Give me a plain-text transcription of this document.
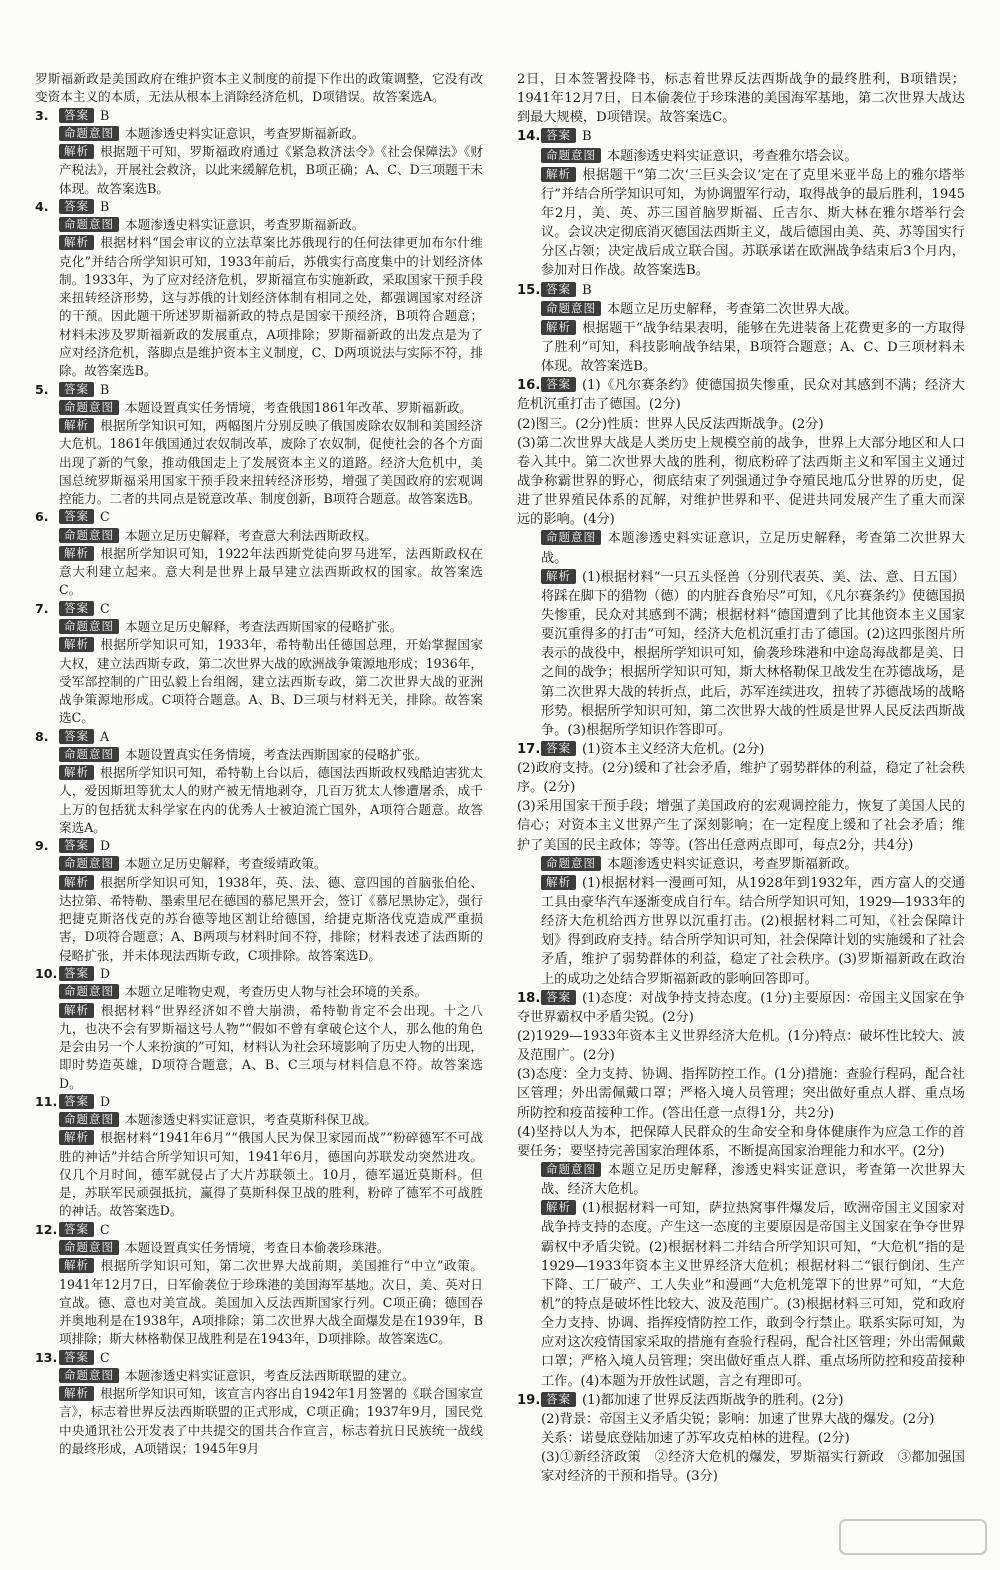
罗斯福新政是美国政府在维护资本主义制度的前提下作出的政策调整，它没有改变资本主义的本质，无法从根本上消除经济危机，D项错误。故答案选A。

3. 答案 B

命题意图 本题渗透史料实证意识，考查罗斯福新政。

解析 根据题干可知，罗斯福政府通过《紧急救济法令》《社会保障法》《财产税法》，开展社会救济，以此来缓解危机，B项正确；A、C、D三项题干未体现。故答案选B。

4. 答案 B

命题意图 本题渗透史料实证意识，考查罗斯福新政。

解析 根据材料“国会审议的立法草案比苏俄现行的任何法律更加布尔什维克化”并结合所学知识可知，1933年前后，苏俄实行高度集中的计划经济体制。1933年，为了应对经济危机，罗斯福宣布实施新政，采取国家干预手段来扭转经济形势，这与苏俄的计划经济体制有相同之处，都强调国家对经济的干预。因此题干所述罗斯福新政的特点是国家干预经济，B项符合题意；材料未涉及罗斯福新政的发展重点，A项排除；罗斯福新政的出发点是为了应对经济危机，落脚点是维护资本主义制度，C、D两项说法与实际不符，排除。故答案选B。

5. 答案 B

命题意图 本题设置真实任务情境，考查俄国1861年改革、罗斯福新政。

解析 根据所学知识可知，两幅图片分别反映了俄国废除农奴制和美国经济大危机。1861年俄国通过农奴制改革，废除了农奴制，促使社会的各个方面出现了新的气象，推动俄国走上了发展资本主义的道路。经济大危机中，美国总统罗斯福采用国家干预手段来扭转经济形势，增强了美国政府的宏观调控能力。二者的共同点是锐意改革、制度创新，B项符合题意。故答案选B。

6. 答案 C

命题意图 本题立足历史解释，考查意大利法西斯政权。

解析 根据所学知识可知，1922年法西斯党徒向罗马进军，法西斯政权在意大利建立起来。意大利是世界上最早建立法西斯政权的国家。故答案选C。

7. 答案 C

命题意图 本题立足历史解释，考查法西斯国家的侵略扩张。

解析 根据所学知识可知，1933年，希特勒出任德国总理，开始掌握国家大权，建立法西斯专政，第二次世界大战的欧洲战争策源地形成；1936年，受军部控制的广田弘毅上台组阁，建立法西斯专政，第二次世界大战的亚洲战争策源地形成。C项符合题意。A、B、D三项与材料无关，排除。故答案选C。

8. 答案 A

命题意图 本题设置真实任务情境，考查法西斯国家的侵略扩张。

解析 根据所学知识可知，希特勒上台以后，德国法西斯政权残酷迫害犹太人，爱因斯坦等犹太人的财产被无情地剥夺，几百万犹太人惨遭屠杀，成千上万的包括犹太科学家在内的优秀人士被迫流亡国外，A项符合题意。故答案选A。

9. 答案 D

命题意图 本题立足历史解释，考查绥靖政策。

解析 根据所学知识可知，1938年，英、法、德、意四国的首脑张伯伦、达拉第、希特勒、墨索里尼在德国的慕尼黑开会，签订《慕尼黑协定》，强行把捷克斯洛伐克的苏台德等地区割让给德国，给捷克斯洛伐克造成严重损害，D项符合题意；A、B两项与材料时间不符，排除；材料表述了法西斯的侵略扩张，并未体现法西斯专政，C项排除。故答案选D。

10. 答案 D

命题意图 本题立足唯物史观，考查历史人物与社会环境的关系。

解析 根据材料“世界经济如不曾大崩溃，希特勒肯定不会出现。十之八九，也决不会有罗斯福这号人物”“假如不曾有拿破仑这个人，那么他的角色是会由另一个人来扮演的”可知，材料认为社会环境影响了历史人物的出现，即时势造英雄，D项符合题意，A、B、C三项与材料信息不符。故答案选D。

11. 答案 D

命题意图 本题渗透史料实证意识，考查莫斯科保卫战。

解析 根据材料“1941年6月”“俄国人民为保卫家园而战”“粉碎德军不可战胜的神话”并结合所学知识可知，1941年6月，德国向苏联发动突然进攻。仅几个月时间，德军就侵占了大片苏联领土。10月，德军逼近莫斯科。但是，苏联军民顽强抵抗，赢得了莫斯科保卫战的胜利，粉碎了德军不可战胜的神话。故答案选D。

12. 答案 C

命题意图 本题设置真实任务情境，考查日本偷袭珍珠港。

解析 根据所学知识可知，第二次世界大战前期，美国推行“中立”政策。1941年12月7日，日军偷袭位于珍珠港的美国海军基地。次日，美、英对日宣战。德、意也对美宣战。美国加入反法西斯国家行列。C项正确；德国吞并奥地利是在1938年，A项排除；第二次世界大战全面爆发是在1939年，B项排除；斯大林格勒保卫战胜利是在1943年，D项排除。故答案选C。

13. 答案 C

命题意图 本题渗透史料实证意识，考查反法西斯联盟的建立。

解析 根据所学知识可知，该宣言内容出自1942年1月签署的《联合国家宣言》，标志着世界反法西斯联盟的正式形成，C项正确；1937年9月，国民党中央通讯社公开发表了中共提交的国共合作宣言，标志着抗日民族统一战线的最终形成，A项错误；1945年9月

2日，日本签署投降书，标志着世界反法西斯战争的最终胜利，B项错误；1941年12月7日，日本偷袭位于珍珠港的美国海军基地，第二次世界大战达到最大规模，D项错误。故答案选C。

14. 答案 B

命题意图 本题渗透史料实证意识，考查雅尔塔会议。

解析 根据题干“第二次‘三巨头会议’定在了克里米亚半岛上的雅尔塔举行”并结合所学知识可知，为协调盟军行动，取得战争的最后胜利，1945年2月，美、英、苏三国首脑罗斯福、丘吉尔、斯大林在雅尔塔举行会议。会议决定彻底消灭德国法西斯主义，战后德国由美、英、苏等国实行分区占领；决定战后成立联合国。苏联承诺在欧洲战争结束后3个月内，参加对日作战。故答案选B。

15. 答案 B

命题意图 本题立足历史解释，考查第二次世界大战。

解析 根据题干“战争结果表明，能够在先进装备上花费更多的一方取得了胜利”可知，科技影响战争结果，B项符合题意；A、C、D三项材料未体现。故答案选B。

16. 答案 (1)《凡尔赛条约》使德国损失惨重，民众对其感到不满；经济大危机沉重打击了德国。(2分)
(2)图三。(2分)性质：世界人民反法西斯战争。(2分)
(3)第二次世界大战是人类历史上规模空前的战争，世界上大部分地区和人口卷入其中。第二次世界大战的胜利，彻底粉碎了法西斯主义和军国主义通过战争称霸世界的野心，彻底结束了列强通过争夺殖民地瓜分世界的历史，促进了世界殖民体系的瓦解，对维护世界和平、促进共同发展产生了重大而深远的影响。(4分)

命题意图 本题渗透史料实证意识，立足历史解释，考查第二次世界大战。

解析 (1)根据材料“一只五头怪兽（分别代表英、美、法、意、日五国）将踩在脚下的猎物（德）的内脏吞食殆尽”可知，《凡尔赛条约》使德国损失惨重，民众对其感到不满；根据材料“德国遭到了比其他资本主义国家要沉重得多的打击”可知，经济大危机沉重打击了德国。(2)这四张图片所表示的战役中，根据所学知识可知，偷袭珍珠港和中途岛海战都是美、日之间的战争；根据所学知识可知，斯大林格勒保卫战发生在苏德战场，是第二次世界大战的转折点，此后，苏军连续进攻，扭转了苏德战场的战略形势。根据所学知识可知，第二次世界大战的性质是世界人民反法西斯战争。(3)根据所学知识作答即可。

17. 答案 (1)资本主义经济大危机。(2分)
(2)政府支持。(2分)缓和了社会矛盾，维护了弱势群体的利益，稳定了社会秩序。(2分)
(3)采用国家干预手段；增强了美国政府的宏观调控能力，恢复了美国人民的信心；对资本主义世界产生了深刻影响；在一定程度上缓和了社会矛盾；维护了美国的民主政体；等等。(答出任意两点即可，每点2分，共4分)

命题意图 本题渗透史料实证意识，考查罗斯福新政。

解析 (1)根据材料一漫画可知，从1928年到1932年，西方富人的交通工具由豪华汽车逐渐变成自行车。结合所学知识可知，1929—1933年的经济大危机给西方世界以沉重打击。(2)根据材料二可知，《社会保障计划》得到政府支持。结合所学知识可知，社会保障计划的实施缓和了社会矛盾，维护了弱势群体的利益，稳定了社会秩序。(3)罗斯福新政在政治上的成功之处结合罗斯福新政的影响回答即可。

18. 答案 (1)态度：对战争持支持态度。(1分)主要原因：帝国主义国家在争夺世界霸权中矛盾尖锐。(2分)
(2)1929—1933年资本主义世界经济大危机。(1分)特点：破坏性比较大、波及范围广。(2分)
(3)态度：全力支持、协调、指挥防控工作。(1分)措施：查验行程码，配合社区管理；外出需佩戴口罩；严格入境人员管理；突出做好重点人群、重点场所防控和疫苗接种工作。(答出任意一点得1分，共2分)
(4)坚持以人为本，把保障人民群众的生命安全和身体健康作为应急工作的首要任务；要坚持完善国家治理体系，不断提高国家治理能力和水平。(2分)

命题意图 本题立足历史解释，渗透史料实证意识，考查第一次世界大战、经济大危机。

解析 (1)根据材料一可知，萨拉热窝事件爆发后，欧洲帝国主义国家对战争持支持的态度。产生这一态度的主要原因是帝国主义国家在争夺世界霸权中矛盾尖锐。(2)根据材料二并结合所学知识可知，“大危机”指的是1929—1933年资本主义世界经济大危机；根据材料二“银行倒闭、生产下降、工厂破产、工人失业”和漫画“大危机笼罩下的世界”可知，“大危机”的特点是破坏性比较大、波及范围广。(3)根据材料三可知，党和政府全力支持、协调、指挥疫情防控工作，敢到令行禁止。联系实际可知，为应对这次疫情国家采取的措施有查验行程码，配合社区管理；外出需佩戴口罩；严格入境人员管理；突出做好重点人群、重点场所防控和疫苗接种工作。(4)本题为开放性试题，言之有理即可。

19. 答案 (1)都加速了世界反法西斯战争的胜利。(2分)

(2)背景：帝国主义矛盾尖锐；影响：加速了世界大战的爆发。(2分)

关系：诺曼底登陆加速了苏军攻克柏林的进程。(2分)

(3)①新经济政策　②经济大危机的爆发，罗斯福实行新政　③都加强国家对经济的干预和指导。(3分)
